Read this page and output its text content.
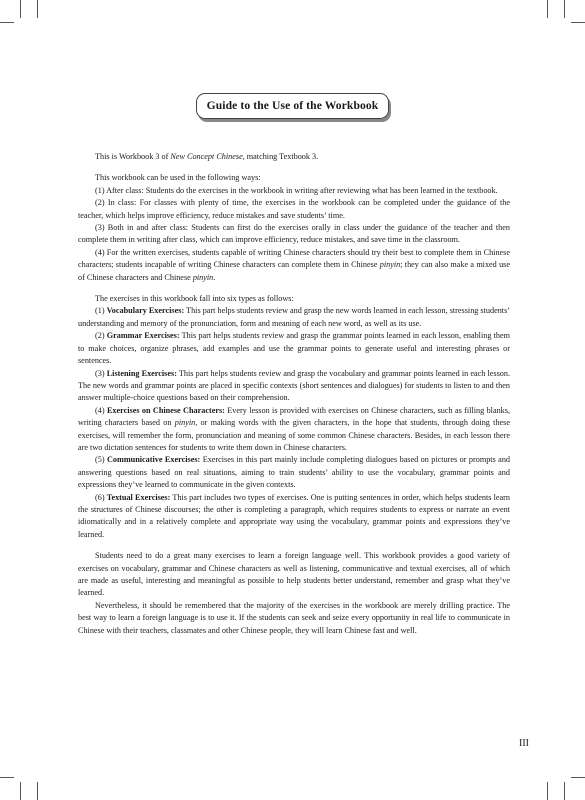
Guide to the Use of the Workbook

This is Workbook 3 of New Concept Chinese, matching Textbook 3.

This workbook can be used in the following ways:

(1) After class: Students do the exercises in the workbook in writing after reviewing what has been learned in the textbook.

(2) In class: For classes with plenty of time, the exercises in the workbook can be completed under the guidance of the teacher, which helps improve efficiency, reduce mistakes and save students’ time.

(3) Both in and after class: Students can first do the exercises orally in class under the guidance of the teacher and then complete them in writing after class, which can improve efficiency, reduce mistakes, and save time in the classroom.

(4) For the written exercises, students capable of writing Chinese characters should try their best to complete them in Chinese characters; students incapable of writing Chinese characters can complete them in Chinese pinyin; they can also make a mixed use of Chinese characters and Chinese pinyin.

The exercises in this workbook fall into six types as follows:

(1) Vocabulary Exercises: This part helps students review and grasp the new words learned in each lesson, stressing students’ understanding and memory of the pronunciation, form and meaning of each new word, as well as its use.

(2) Grammar Exercises: This part helps students review and grasp the grammar points learned in each lesson, enabling them to make choices, organize phrases, add examples and use the grammar points to generate useful and interesting phrases or sentences.

(3) Listening Exercises: This part helps students review and grasp the vocabulary and grammar points learned in each lesson. The new words and grammar points are placed in specific contexts (short sentences and dialogues) for students to listen to and then answer multiple-choice questions based on their comprehension.

(4) Exercises on Chinese Characters: Every lesson is provided with exercises on Chinese characters, such as filling blanks, writing characters based on pinyin, or making words with the given characters, in the hope that students, through doing these exercises, will remember the form, pronunciation and meaning of some common Chinese characters. Besides, in each lesson there are two dictation sentences for students to write them down in Chinese characters.

(5) Communicative Exercises: Exercises in this part mainly include completing dialogues based on pictures or prompts and answering questions based on real situations, aiming to train students’ ability to use the vocabulary, grammar points and expressions they’ve learned to communicate in the given contexts.

(6) Textual Exercises: This part includes two types of exercises. One is putting sentences in order, which helps students learn the structures of Chinese discourses; the other is completing a paragraph, which requires students to express or narrate an event idiomatically and in a relatively complete and appropriate way using the vocabulary, grammar points and expressions they’ve learned.

Students need to do a great many exercises to learn a foreign language well. This workbook provides a good variety of exercises on vocabulary, grammar and Chinese characters as well as listening, communicative and textual exercises, all of which are made as useful, interesting and meaningful as possible to help students better understand, remember and grasp what they’ve learned.

Nevertheless, it should be remembered that the majority of the exercises in the workbook are merely drilling practice. The best way to learn a foreign language is to use it. If the students can seek and seize every opportunity in real life to communicate in Chinese with their teachers, classmates and other Chinese people, they will learn Chinese fast and well.

III
